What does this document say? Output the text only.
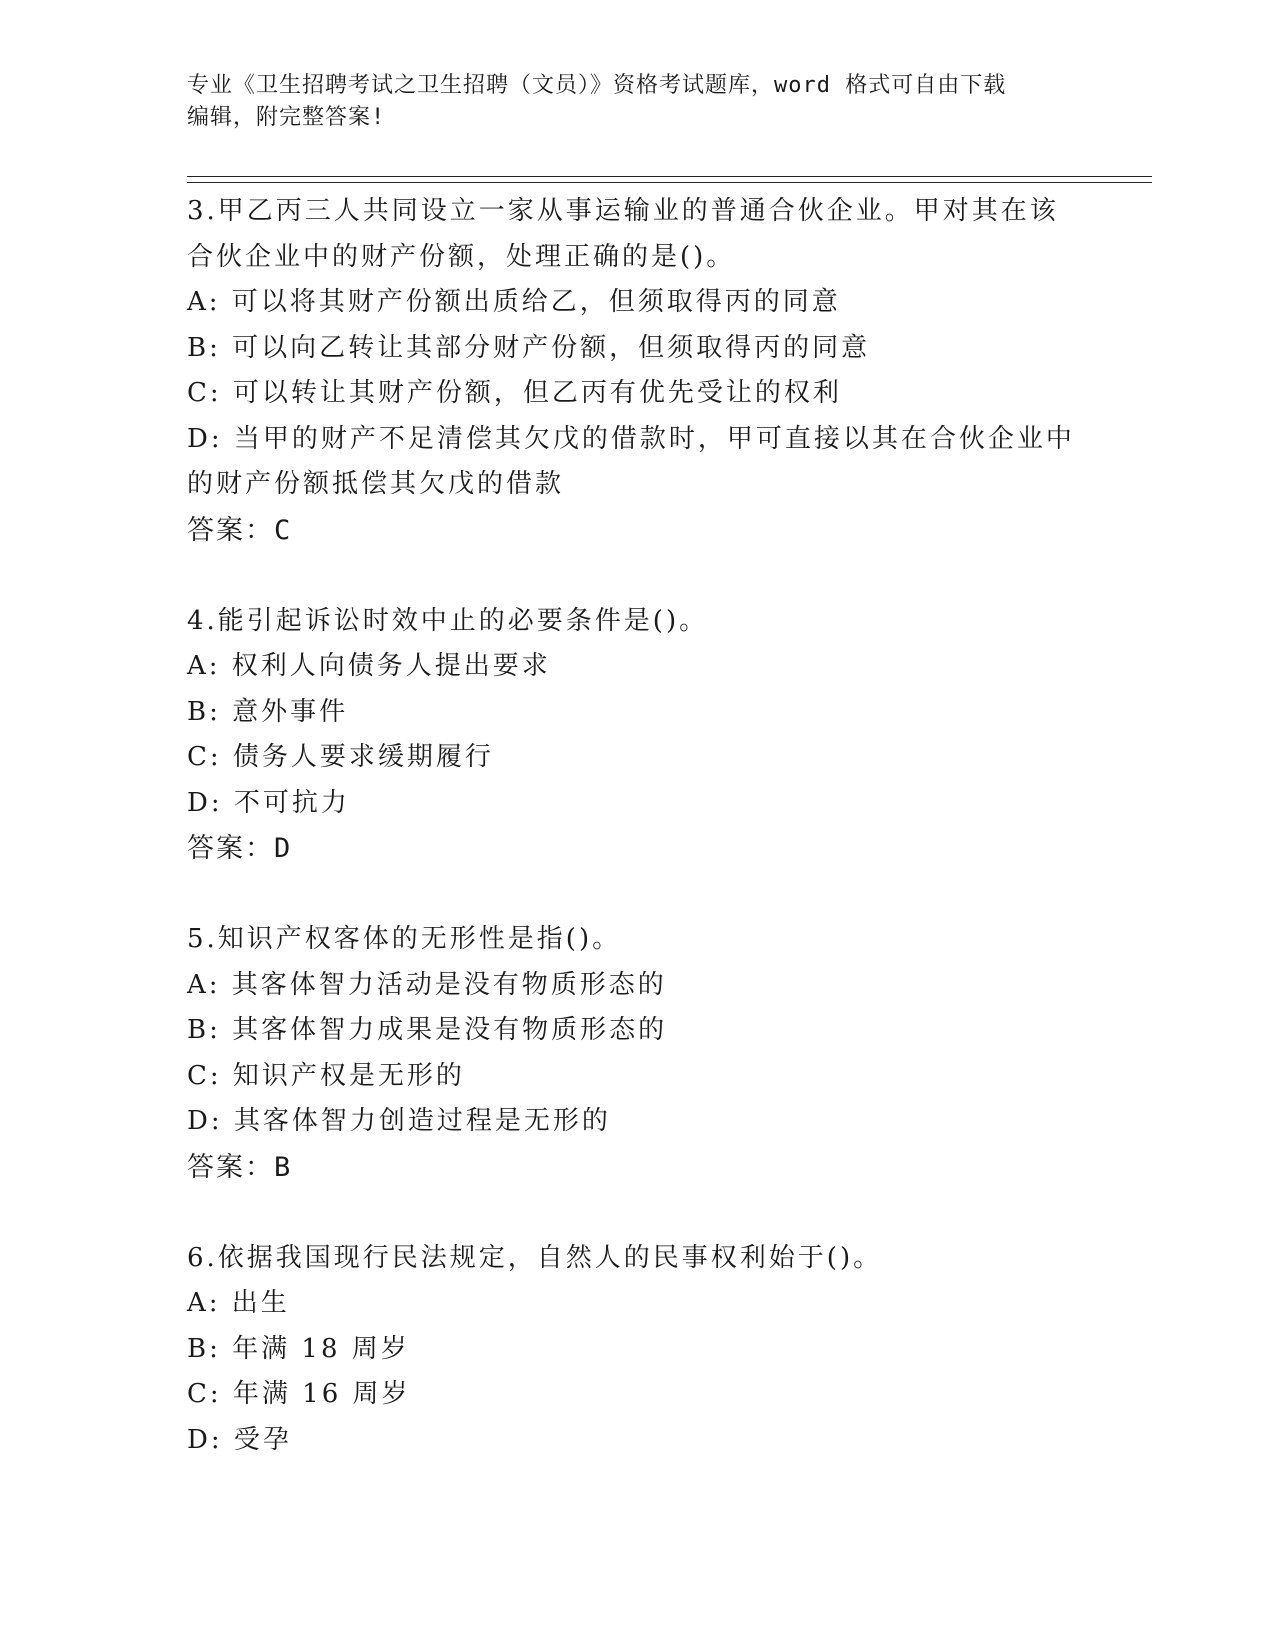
专业《卫生招聘考试之卫生招聘（文员）》资格考试题库，word 格式可自由下载
编辑，附完整答案!
3.甲乙丙三人共同设立一家从事运输业的普通合伙企业。甲对其在该
合伙企业中的财产份额，处理正确的是()。
A: 可以将其财产份额出质给乙，但须取得丙的同意
B: 可以向乙转让其部分财产份额，但须取得丙的同意
C: 可以转让其财产份额，但乙丙有优先受让的权利
D: 当甲的财产不足清偿其欠戊的借款时，甲可直接以其在合伙企业中
的财产份额抵偿其欠戊的借款
答案：C
4.能引起诉讼时效中止的必要条件是()。
A: 权利人向债务人提出要求
B: 意外事件
C: 债务人要求缓期履行
D: 不可抗力
答案：D
5.知识产权客体的无形性是指()。
A: 其客体智力活动是没有物质形态的
B: 其客体智力成果是没有物质形态的
C: 知识产权是无形的
D: 其客体智力创造过程是无形的
答案：B
6.依据我国现行民法规定，自然人的民事权利始于()。
A: 出生
B: 年满 18 周岁
C: 年满 16 周岁
D: 受孕
